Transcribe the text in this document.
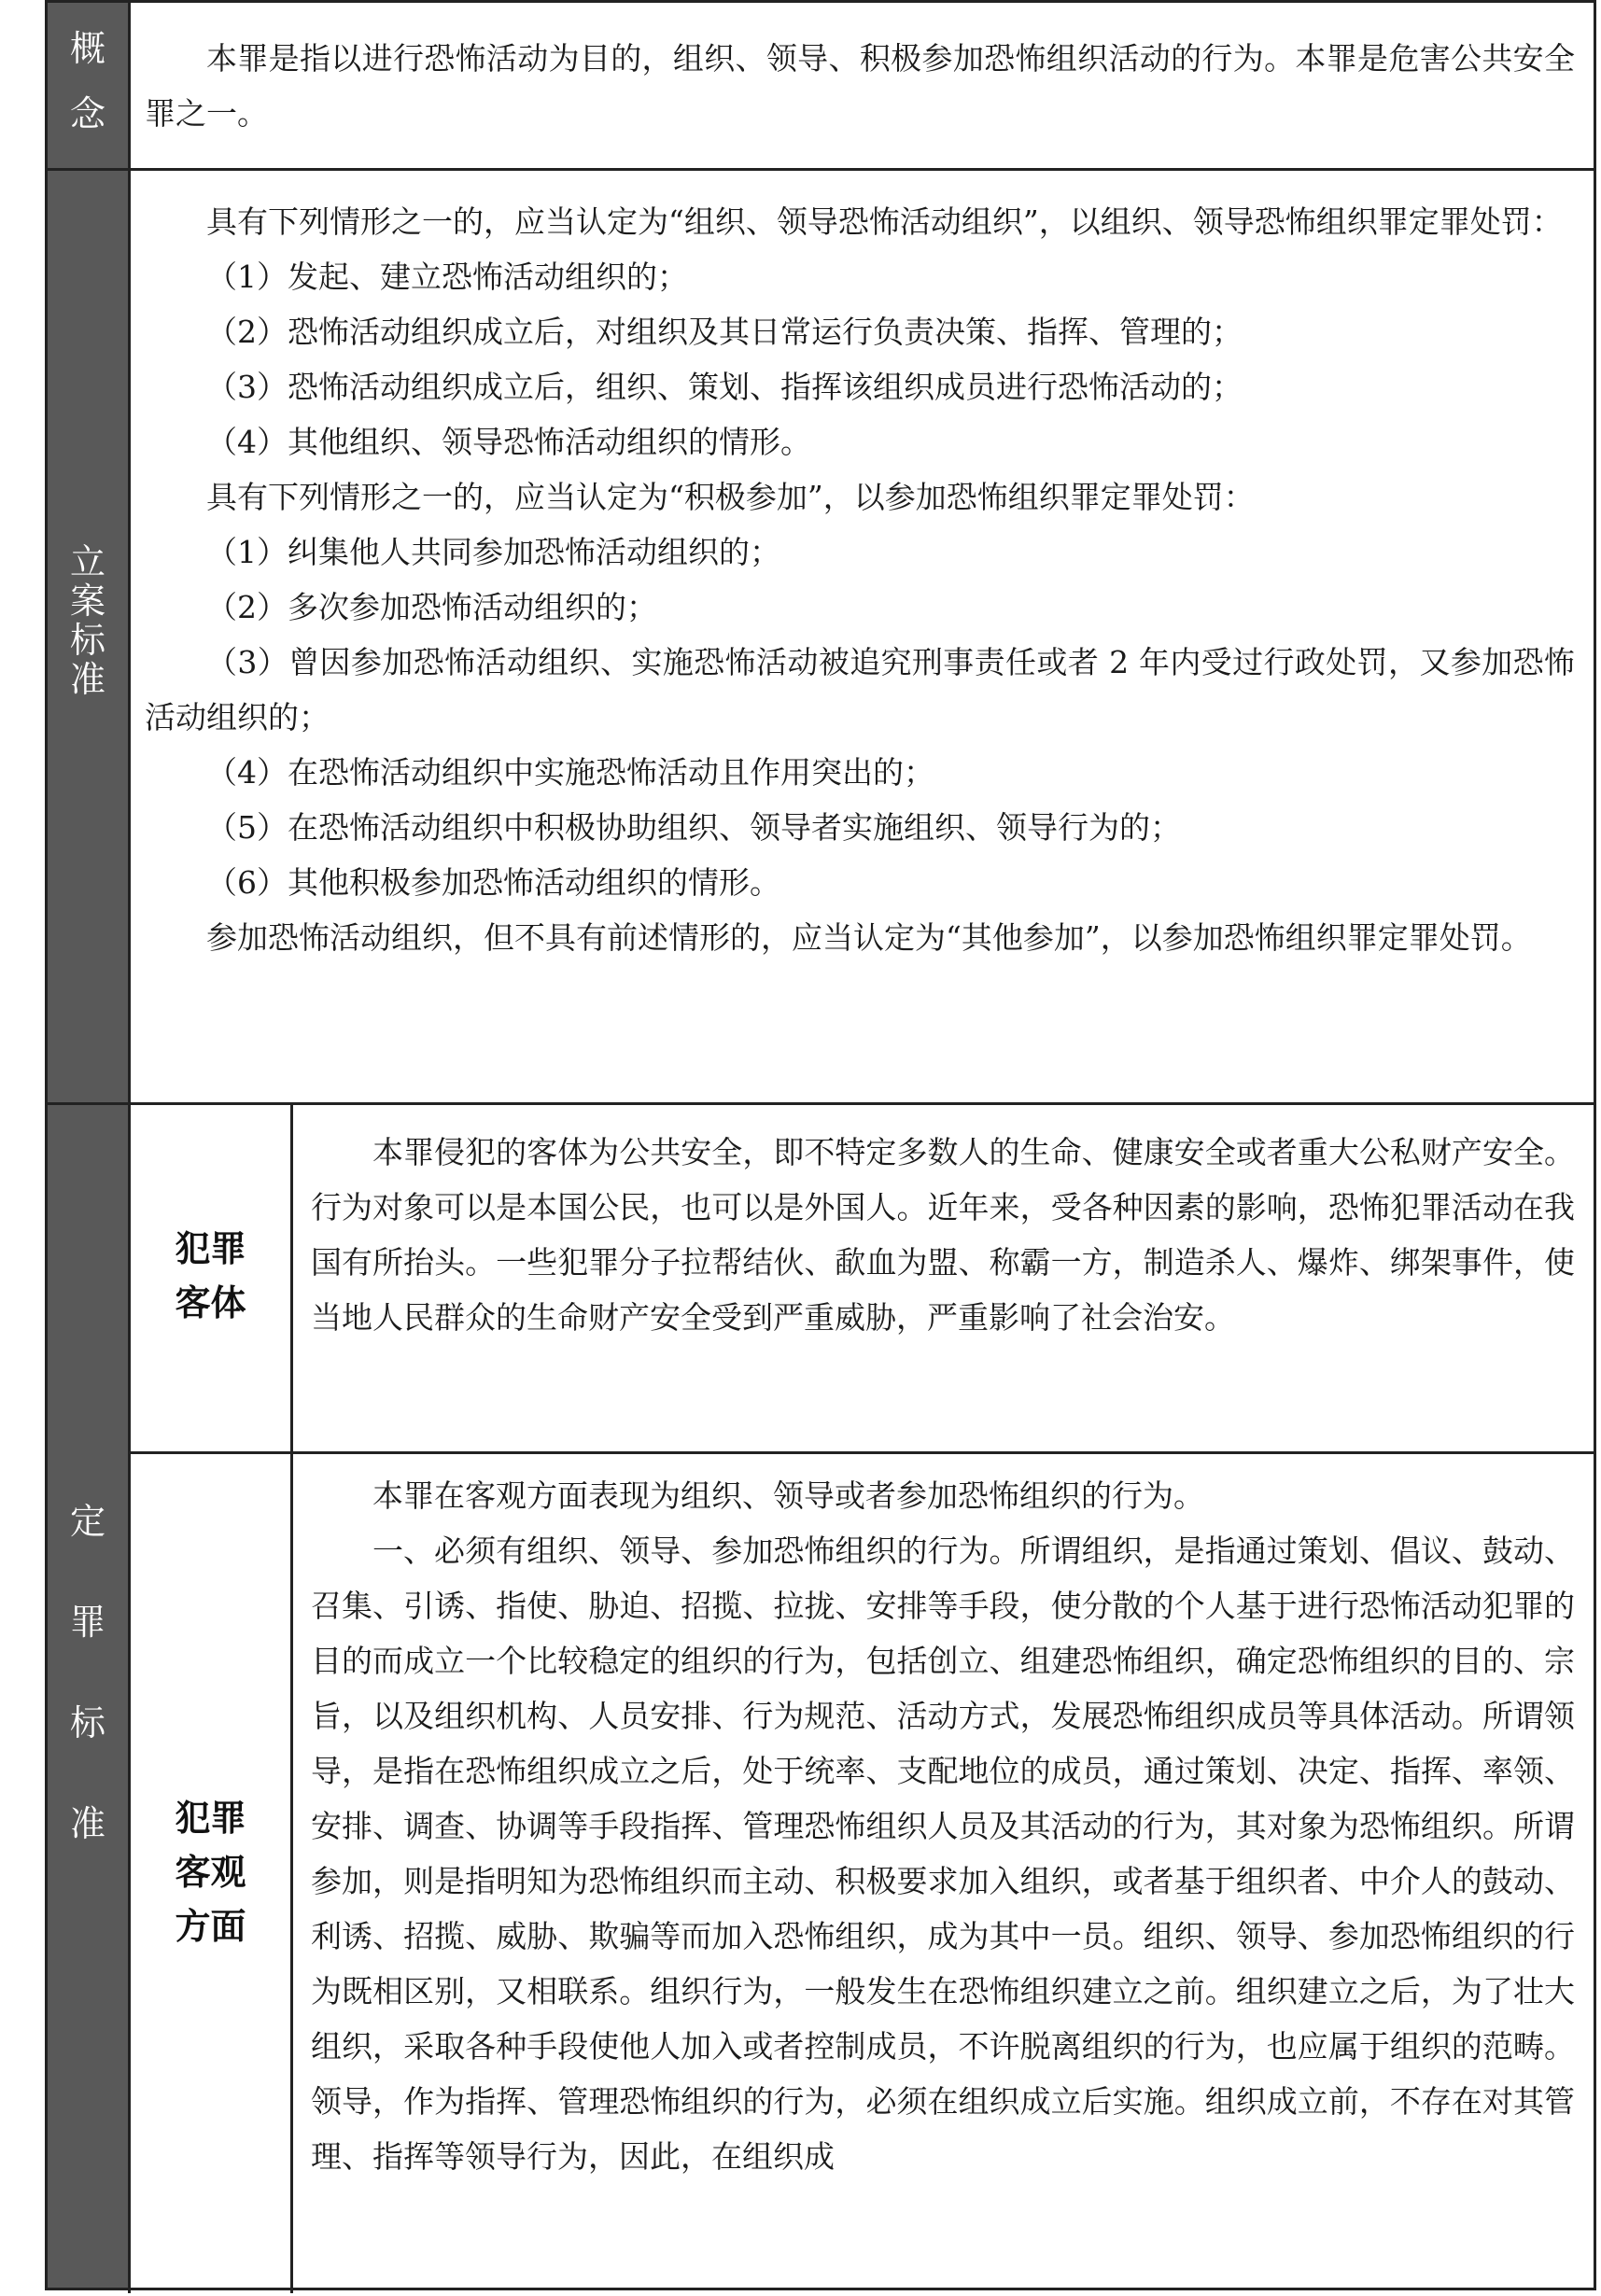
概
念

本罪是指以进行恐怖活动为目的，组织、领导、积极参加恐怖组织活动的行为。本罪是危害公共安全罪之一。

立
案
标
准

具有下列情形之一的，应当认定为“组织、领导恐怖活动组织”，以组织、领导恐怖组织罪定罪处罚：

（1）发起、建立恐怖活动组织的；

（2）恐怖活动组织成立后，对组织及其日常运行负责决策、指挥、管理的；

（3）恐怖活动组织成立后，组织、策划、指挥该组织成员进行恐怖活动的；

（4）其他组织、领导恐怖活动组织的情形。

具有下列情形之一的，应当认定为“积极参加”，以参加恐怖组织罪定罪处罚：

（1）纠集他人共同参加恐怖活动组织的；

（2）多次参加恐怖活动组织的；

（3）曾因参加恐怖活动组织、实施恐怖活动被追究刑事责任或者 2 年内受过行政处罚，又参加恐怖活动组织的；

（4）在恐怖活动组织中实施恐怖活动且作用突出的；

（5）在恐怖活动组织中积极协助组织、领导者实施组织、领导行为的；

（6）其他积极参加恐怖活动组织的情形。

参加恐怖活动组织，但不具有前述情形的，应当认定为“其他参加”，以参加恐怖组织罪定罪处罚。

定
罪
标
准
犯罪
客体

本罪侵犯的客体为公共安全，即不特定多数人的生命、健康安全或者重大公私财产安全。行为对象可以是本国公民，也可以是外国人。近年来，受各种因素的影响，恐怖犯罪活动在我国有所抬头。一些犯罪分子拉帮结伙、歃血为盟、称霸一方，制造杀人、爆炸、绑架事件，使当地人民群众的生命财产安全受到严重威胁，严重影响了社会治安。

犯罪
客观
方面

本罪在客观方面表现为组织、领导或者参加恐怖组织的行为。

一、必须有组织、领导、参加恐怖组织的行为。所谓组织，是指通过策划、倡议、鼓动、召集、引诱、指使、胁迫、招揽、拉拢、安排等手段，使分散的个人基于进行恐怖活动犯罪的目的而成立一个比较稳定的组织的行为，包括创立、组建恐怖组织，确定恐怖组织的目的、宗旨，以及组织机构、人员安排、行为规范、活动方式，发展恐怖组织成员等具体活动。所谓领导，是指在恐怖组织成立之后，处于统率、支配地位的成员，通过策划、决定、指挥、率领、安排、调查、协调等手段指挥、管理恐怖组织人员及其活动的行为，其对象为恐怖组织。所谓参加，则是指明知为恐怖组织而主动、积极要求加入组织，或者基于组织者、中介人的鼓动、利诱、招揽、威胁、欺骗等而加入恐怖组织，成为其中一员。组织、领导、参加恐怖组织的行为既相区别，又相联系。组织行为，一般发生在恐怖组织建立之前。组织建立之后，为了壮大组织，采取各种手段使他人加入或者控制成员，不许脱离组织的行为，也应属于组织的范畴。领导，作为指挥、管理恐怖组织的行为，必须在组织成立后实施。组织成立前，不存在对其管理、指挥等领导行为，因此，在组织成
